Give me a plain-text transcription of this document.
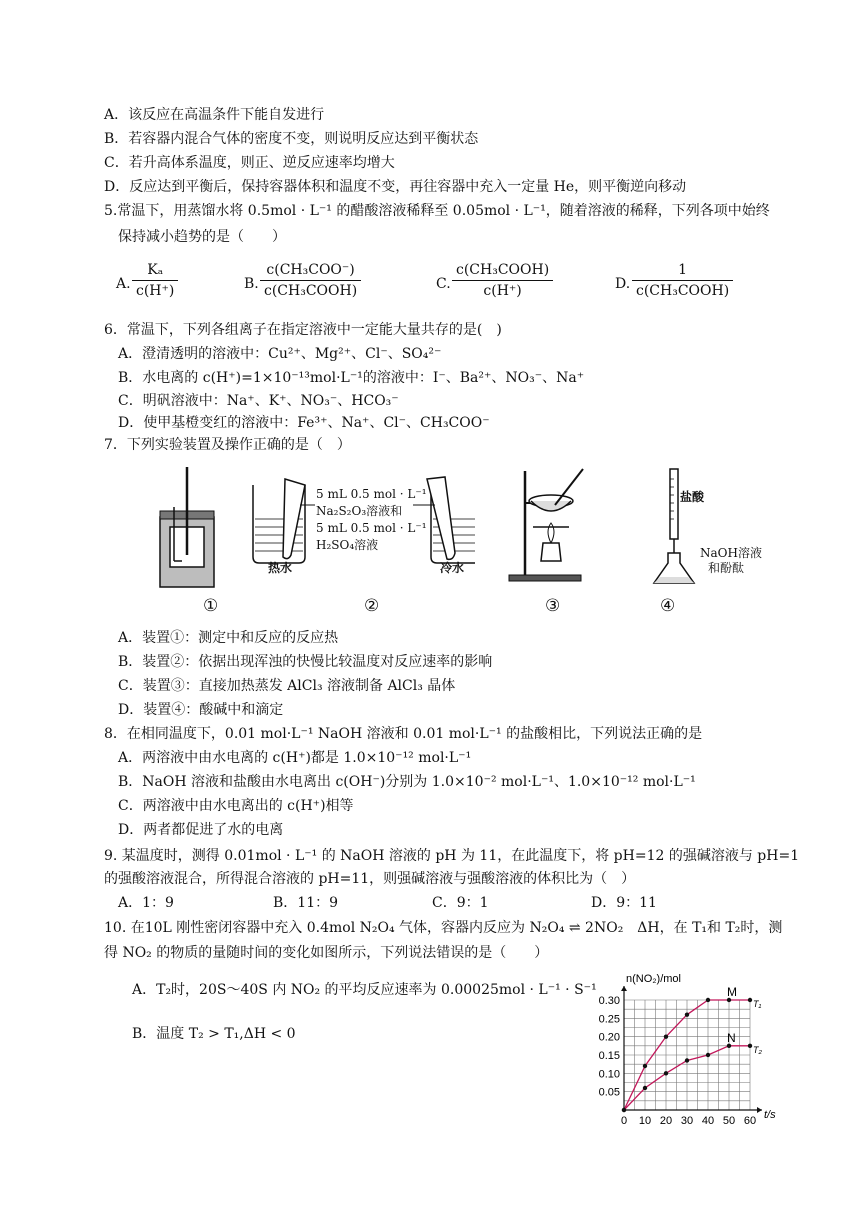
A．该反应在高温条件下能自发进行
B．若容器内混合气体的密度不变，则说明反应达到平衡状态
C．若升高体系温度，则正、逆反应速率均增大
D．反应达到平衡后，保持容器体积和温度不变，再往容器中充入一定量 He，则平衡逆向移动
5.常温下，用蒸馏水将 0.5mol · L⁻¹ 的醋酸溶液稀释至 0.05mol · L⁻¹，随着溶液的稀释，下列各项中始终
保持减小趋势的是（　　）
A.
Kₐ
c(H⁺)	B.
c(CH₃COO⁻)
c(CH₃COOH)	C.
c(CH₃COOH)
c(H⁺)	D.
1
c(CH₃COOH)
6．常温下，下列各组离子在指定溶液中一定能大量共存的是(　)
A．澄清透明的溶液中：Cu²⁺、Mg²⁺、Cl⁻、SO₄²⁻
B．水电离的 c(H⁺)=1×10⁻¹³mol·L⁻¹的溶液中：I⁻、Ba²⁺、NO₃⁻、Na⁺
C．明矾溶液中：Na⁺、K⁺、NO₃⁻、HCO₃⁻
D．使甲基橙变红的溶液中：Fe³⁺、Na⁺、Cl⁻、CH₃COO⁻
7．下列实验装置及操作正确的是（　）
5 mL 0.5 mol · L⁻¹
Na₂S₂O₃溶液和
5 mL 0.5 mol · L⁻¹
H₂SO₄溶液
热水	冷水
盐酸
NaOH溶液
和酚酞
①	②	③	④
A．装置①：测定中和反应的反应热
B．装置②：依据出现浑浊的快慢比较温度对反应速率的影响
C．装置③：直接加热蒸发 AlCl₃ 溶液制备 AlCl₃ 晶体
D．装置④：酸碱中和滴定
8．在相同温度下，0.01 mol·L⁻¹ NaOH 溶液和 0.01 mol·L⁻¹ 的盐酸相比，下列说法正确的是
A．两溶液中由水电离的 c(H⁺)都是 1.0×10⁻¹² mol·L⁻¹
B．NaOH 溶液和盐酸由水电离出 c(OH⁻)分别为 1.0×10⁻² mol·L⁻¹、1.0×10⁻¹² mol·L⁻¹
C．两溶液中由水电离出的 c(H⁺)相等
D．两者都促进了水的电离
9. 某温度时，测得 0.01mol · L⁻¹ 的 NaOH 溶液的 pH 为 11，在此温度下，将 pH=12 的强碱溶液与 pH=1
的强酸溶液混合，所得混合溶液的 pH=11，则强碱溶液与强酸溶液的体积比为（　）
A．1：9	B．11：9	C．9：1	D．9：11
10. 在10L 刚性密闭容器中充入 0.4mol N₂O₄ 气体，容器内反应为 N₂O₄ ⇌ 2NO₂　ΔH，在 T₁和 T₂时，测
得 NO₂ 的物质的量随时间的变化如图所示，下列说法错误的是（　　）
A．T₂时，20S～40S 内 NO₂ 的平均反应速率为 0.00025mol · L⁻¹ · S⁻¹
B．温度 T₂ > T₁,ΔH < 0
0 10 20 30 40 50 60
0.05
0.10
0.15
0.20
0.25
0.30
n(NO₂)/mol
t/s
M
T₁
N
T₂
